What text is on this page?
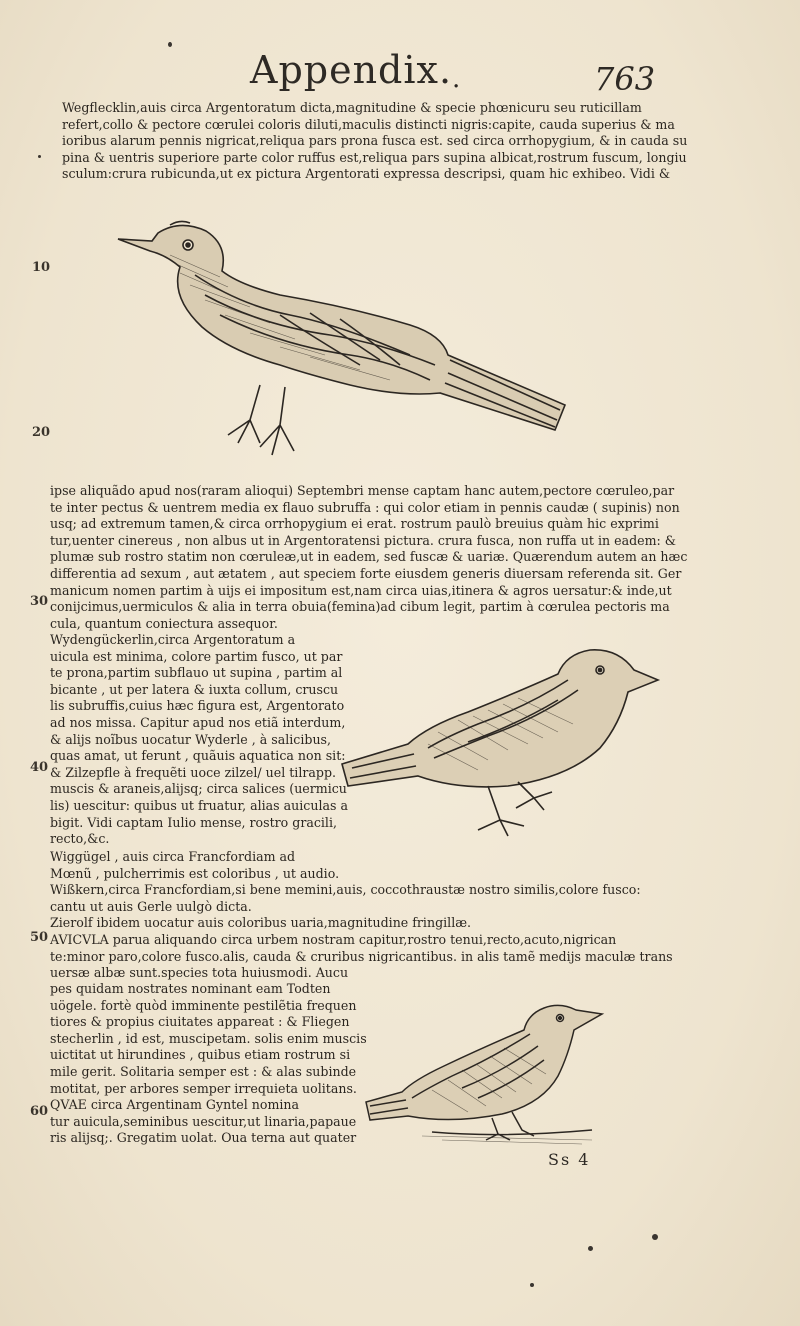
Appendix. .	763
Wegflecklin,auis circa Argentoratum dicta,magnitudine & specie phœnicuru seu ruticillam
refert,collo & pectore cœrulei coloris diluti,maculis distincti nigris:capite, cauda superius & ma
ioribus alarum pennis nigricat,reliqua pars prona fusca est. sed circa orrhopygium, & in cauda su
pina & uentris superiore parte color ruffus est,reliqua pars supina albicat,rostrum fuscum, longiu
sculum:crura rubicunda,ut ex pictura Argentorati expressa descripsi, quam hic exhibeo. Vidi &
ipse aliquãdo apud nos(raram alioqui) Septembri mense captam hanc autem,pectore cœruleo,par
te inter pectus & uentrem media ex flauo subruffa : qui color etiam in pennis caudæ ( supinis) non
usq; ad extremum tamen,& circa orrhopygium ei erat. rostrum paulò breuius quàm hic exprimi
tur,uenter cinereus , non albus ut in Argentoratensi pictura. crura fusca, non ruffa ut in eadem: &
plumæ sub rostro statim non cœruleæ,ut in eadem, sed fuscæ & uariæ. Quærendum autem an hæc
differentia ad sexum , aut ætatem , aut speciem forte eiusdem generis diuersam referenda sit. Ger
manicum nomen partim à uijs ei impositum est,nam circa uias,itinera & agros uersatur:& inde,ut
conijcimus,uermiculos & alia in terra obuia(femina)ad cibum legit, partim à cœrulea pectoris ma
cula, quantum coniectura assequor.
Wydengückerlin,circa Argentoratum a
uicula est minima, colore partim fusco, ut par
te prona,partim subflauo ut supina , partim al
bicante , ut per latera & iuxta collum, cruscu
lis subruffis,cuius hæc figura est, Argentorato
ad nos missa. Capitur apud nos etiã interdum,
& alijs noĩbus uocatur Wyderle , à salicibus,
quas amat, ut ferunt , quãuis aquatica non sit:
& Zilzepfle à frequẽti uoce zilzel/ uel tilrapp.
muscis & araneis,alijsq; circa salices (uermicu
lis) uescitur: quibus ut fruatur, alias auiculas a
bigit. Vidi captam Iulio mense, rostro gracili,
recto,&c.
Wiggügel , auis circa Francfordiam ad
Mœnũ , pulcherrimis est coloribus , ut audio.
Wißkern,circa Francfordiam,si bene memini,auis, coccothraustæ nostro similis,colore fusco:
cantu ut auis Gerle uulgò dicta.
Zierolf ibidem uocatur auis coloribus uaria,magnitudine fringillæ.
AVICVLA parua aliquando circa urbem nostram capitur,rostro tenui,recto,acuto,nigrican
te:minor paro,colore fusco.alis, cauda & cruribus nigricantibus. in alis tamẽ medijs maculæ trans
uersæ albæ sunt.species tota huiusmodi. Aucu
pes quidam nostrates nominant eam Todten
uögele. fortè quòd imminente pestilẽtia frequen
tiores & propius ciuitates appareat : & Fliegen
stecherlin , id est, muscipetam. solis enim muscis
uictitat ut hirundines , quibus etiam rostrum si
mile gerit. Solitaria semper est : & alas subinde
motitat, per arbores semper irrequieta uolitans.
QVAE circa Argentinam Gyntel nomina
tur auicula,seminibus uescitur,ut linaria,papaue
ris alijsq;. Gregatim uolat. Oua terna aut quater
10
20
30
40
50
60
Ss 4
